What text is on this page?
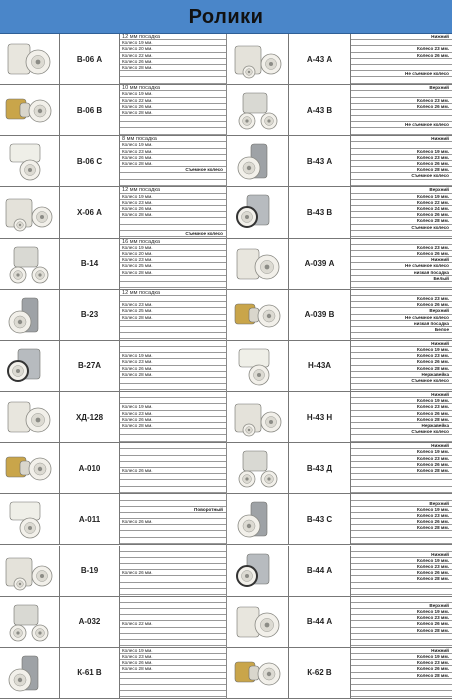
Ролики
В-06 А
12 мм посадка
Колесо 19 мм.
Колесо 20 мм.
Колесо 22 мм.
Колесо 26 мм.
Колесо 28 мм.
В-06 В
10 мм посадка
Колесо 19 мм.
Колесо 22 мм.
Колесо 26 мм.
Колесо 28 мм.
В-06 С
8 мм посадка
Колесо 19 мм.
Колесо 23 мм.
Колесо 26 мм.
Колесо 28 мм.
Съемное колесо
Х-06 А
12 мм посадка
Колесо 19 мм.
Колесо 23 мм.
Колесо 26 мм.
Колесо 28 мм.
Съемное колесо
В-14
16 мм посадка
Колесо 19 мм.
Колесо 20 мм.
Колесо 23 мм.
Колесо 25 мм.
Колесо 28 мм.
В-23
12 мм посадка
Колесо 23 мм.
Колесо 25 мм.
Колесо 28 мм.
В-27А
Колесо 19 мм.
Колесо 23 мм.
Колесо 26 мм.
Колесо 28 мм.
ХД-128
Колесо 19 мм.
Колесо 23 мм.
Колесо 26 мм.
Колесо 28 мм.
А-010	Колесо 26 мм.
А-011
Поворотный
Колесо 26 мм.
В-19	Колесо 26 мм.
А-032	Колесо 22 мм.
К-61 В
Колесо 19 мм.
Колесо 23 мм.
Колесо 26 мм.
Колесо 28 мм.
А-43 А
Нижний
Колесо 23 мм.
Колесо 26 мм.
Не съемное колесо
А-43 В
Верхний
Колесо 23 мм.
Колесо 26 мм.
Не съемное колесо
В-43 А
Нижний
Колесо 19 мм.
Колесо 23 мм.
Колесо 26 мм.
Колесо 28 мм.
Съемное колесо
В-43 В
Верхний
Колесо 19 мм.
Колесо 22 мм.
Колесо 24 мм.
Колесо 26 мм.
Колесо 28 мм.
Съемное колесо
А-039 А
Колесо 23 мм.
Колесо 26 мм.
Нижний
Не съемное колесо
низкая посадка
Белый
А-039 В
Колесо 23 мм.
Колесо 26 мм.
Верхний
Не съемное колесо
низкая посадка
Белое
Н-43А
Нижний
Колесо 19 мм.
Колесо 23 мм.
Колесо 26 мм.
Колесо 28 мм.
Нержавейка
Съемное колесо
Н-43 Н
Нижний
Колесо 19 мм.
Колесо 23 мм.
Колесо 26 мм.
Колесо 28 мм.
Нержавейка
Съемное колесо
В-43 Д
Нижний
Колесо 19 мм.
Колесо 23 мм.
Колесо 26 мм.
Колесо 28 мм.
В-43 С
Верхний
Колесо 19 мм.
Колесо 23 мм.
Колесо 26 мм.
Колесо 28 мм.
В-44 А
Нижний
Колесо 19 мм.
Колесо 23 мм.
Колесо 26 мм.
Колесо 28 мм.
В-44 А
Верхний
Колесо 19 мм.
Колесо 23 мм.
Колесо 26 мм.
Колесо 28 мм.
К-62 В
Нижний
Колесо 19 мм.
Колесо 23 мм.
Колесо 26 мм.
Колесо 28 мм.
